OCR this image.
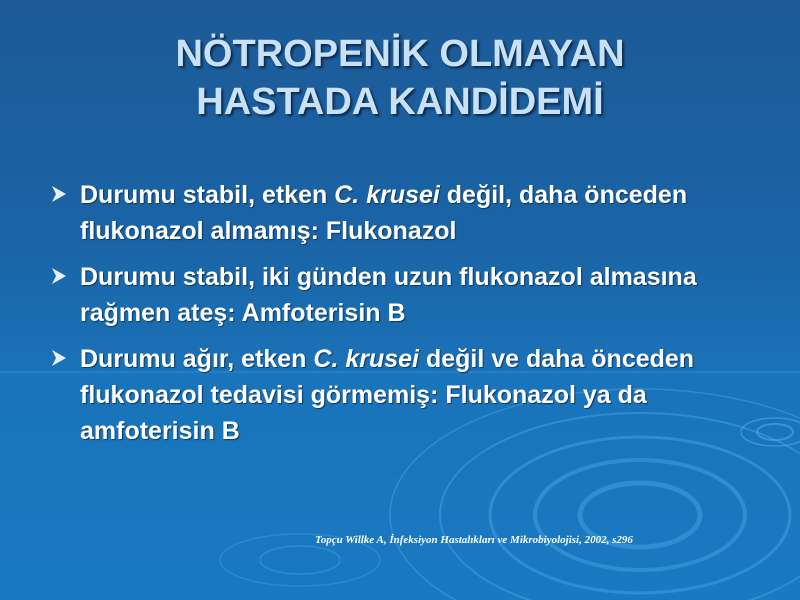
NÖTROPENİK OLMAYAN
HASTADA KANDİDEMİ
Durumu stabil, etken C. krusei değil, daha önceden flukonazol almamış: Flukonazol
Durumu stabil, iki günden uzun flukonazol almasına rağmen ateş: Amfoterisin B
Durumu ağır, etken C. krusei değil ve daha önceden flukonazol tedavisi görmemiş: Flukonazol ya da amfoterisin B
Topçu Willke A, İnfeksiyon Hastalıkları ve Mikrobiyolojisi, 2002, s296
